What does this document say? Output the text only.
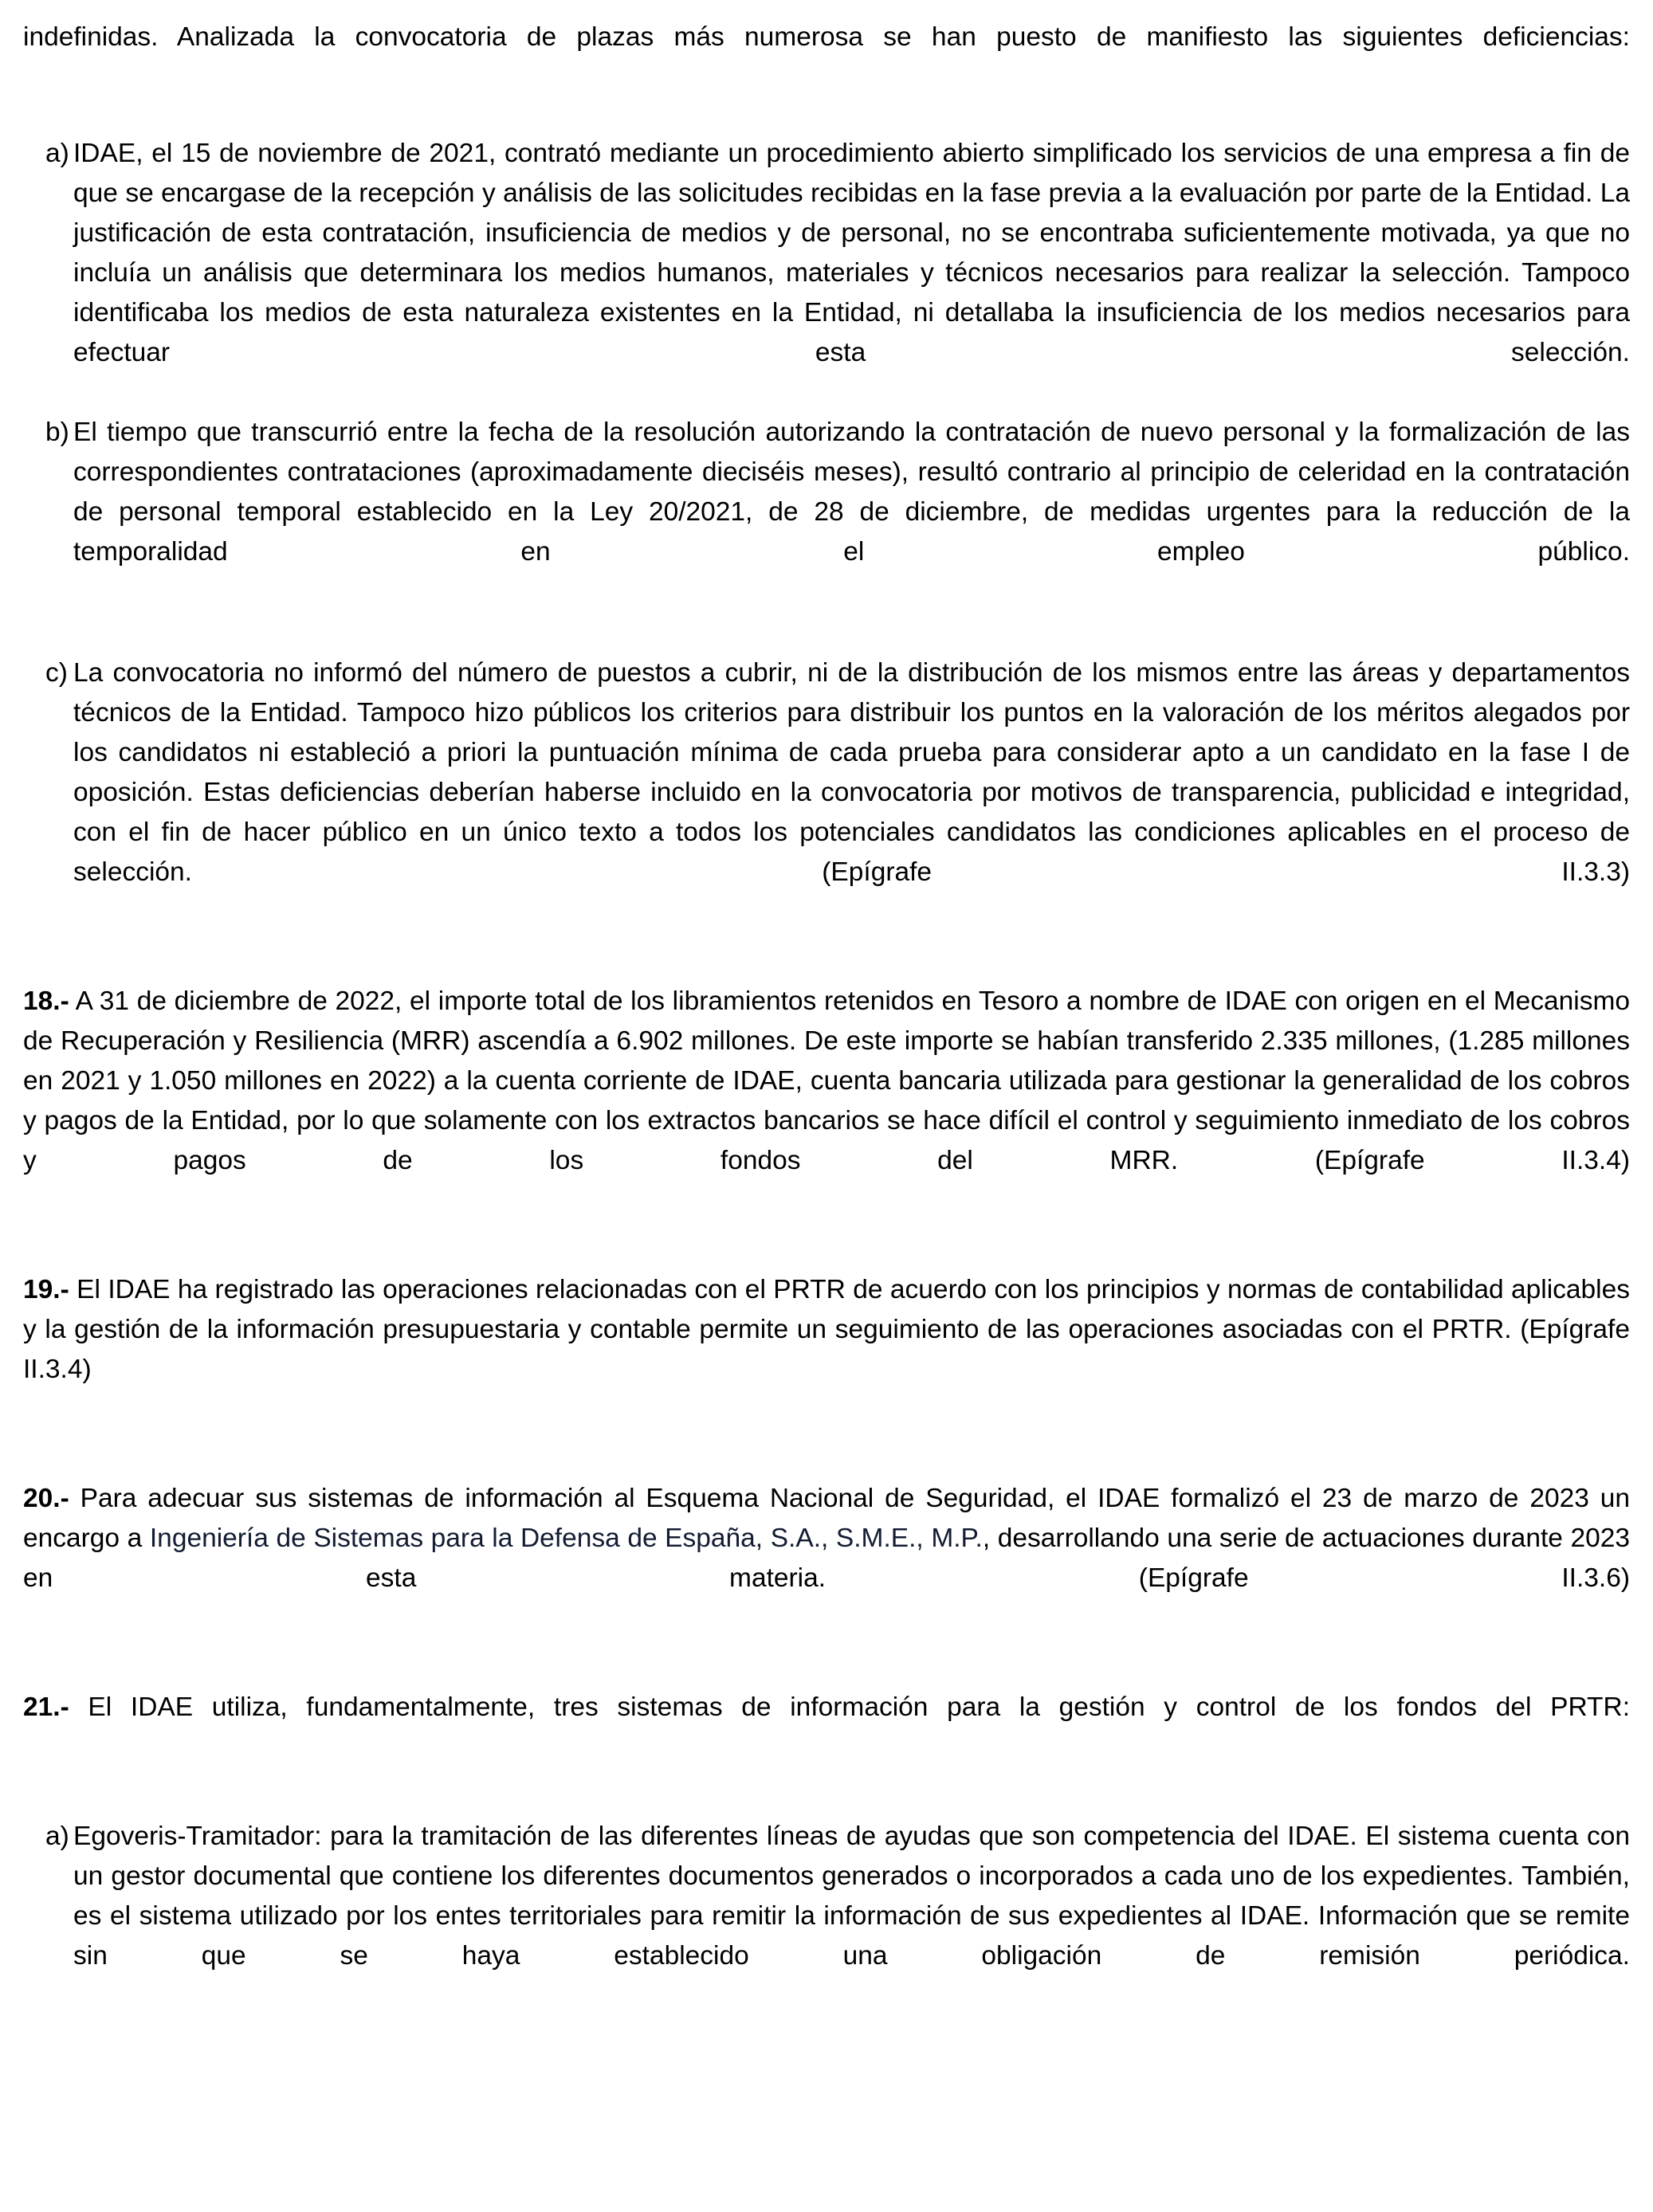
indefinidas. Analizada la convocatoria de plazas más numerosa se han puesto de manifiesto las siguientes deficiencias:

a) IDAE, el 15 de noviembre de 2021, contrató mediante un procedimiento abierto simplificado los servicios de una empresa a fin de que se encargase de la recepción y análisis de las solicitudes recibidas en la fase previa a la evaluación por parte de la Entidad. La justificación de esta contratación, insuficiencia de medios y de personal, no se encontraba suficientemente motivada, ya que no incluía un análisis que determinara los medios humanos, materiales y técnicos necesarios para realizar la selección. Tampoco identificaba los medios de esta naturaleza existentes en la Entidad, ni detallaba la insuficiencia de los medios necesarios para efectuar esta selección.
b) El tiempo que transcurrió entre la fecha de la resolución autorizando la contratación de nuevo personal y la formalización de las correspondientes contrataciones (aproximadamente dieciséis meses), resultó contrario al principio de celeridad en la contratación de personal temporal establecido en la Ley 20/2021, de 28 de diciembre, de medidas urgentes para la reducción de la temporalidad en el empleo público.
c) La convocatoria no informó del número de puestos a cubrir, ni de la distribución de los mismos entre las áreas y departamentos técnicos de la Entidad. Tampoco hizo públicos los criterios para distribuir los puntos en la valoración de los méritos alegados por los candidatos ni estableció a priori la puntuación mínima de cada prueba para considerar apto a un candidato en la fase I de oposición. Estas deficiencias deberían haberse incluido en la convocatoria por motivos de transparencia, publicidad e integridad, con el fin de hacer público en un único texto a todos los potenciales candidatos las condiciones aplicables en el proceso de selección. (Epígrafe II.3.3)

18.- A 31 de diciembre de 2022, el importe total de los libramientos retenidos en Tesoro a nombre de IDAE con origen en el Mecanismo de Recuperación y Resiliencia (MRR) ascendía a 6.902 millones. De este importe se habían transferido 2.335 millones, (1.285 millones en 2021 y 1.050 millones en 2022) a la cuenta corriente de IDAE, cuenta bancaria utilizada para gestionar la generalidad de los cobros y pagos de la Entidad, por lo que solamente con los extractos bancarios se hace difícil el control y seguimiento inmediato de los cobros y pagos de los fondos del MRR. (Epígrafe II.3.4)

19.- El IDAE ha registrado las operaciones relacionadas con el PRTR de acuerdo con los principios y normas de contabilidad aplicables y la gestión de la información presupuestaria y contable permite un seguimiento de las operaciones asociadas con el PRTR. (Epígrafe II.3.4)

20.- Para adecuar sus sistemas de información al Esquema Nacional de Seguridad, el IDAE formalizó el 23 de marzo de 2023 un encargo a Ingeniería de Sistemas para la Defensa de España, S.A., S.M.E., M.P., desarrollando una serie de actuaciones durante 2023 en esta materia. (Epígrafe II.3.6)

21.- El IDAE utiliza, fundamentalmente, tres sistemas de información para la gestión y control de los fondos del PRTR:

a) Egoveris-Tramitador: para la tramitación de las diferentes líneas de ayudas que son competencia del IDAE. El sistema cuenta con un gestor documental que contiene los diferentes documentos generados o incorporados a cada uno de los expedientes. También, es el sistema utilizado por los entes territoriales para remitir la información de sus expedientes al IDAE. Información que se remite sin que se haya establecido una obligación de remisión periódica.
